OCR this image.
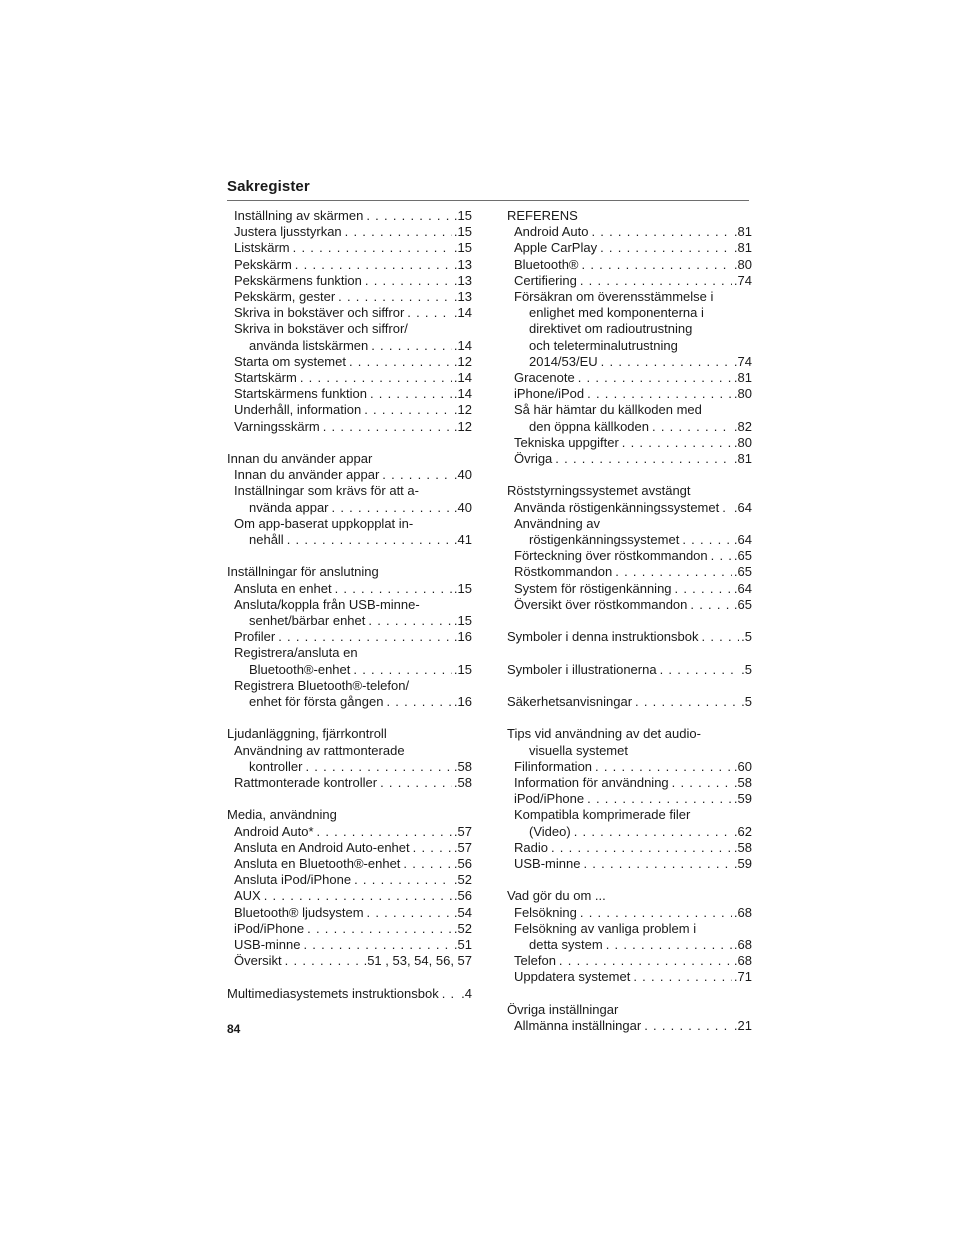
Sakregister
Inställning av skärmen . . .	.15
Justera ljusstyrkan . . .	.15
Listskärm . . .	.15
Pekskärm . . .	.13
Pekskärmens funktion . . .	.13
Pekskärm, gester . . .	.13
Skriva in bokstäver och siffror . . .	.14
Skriva in bokstäver och siffror/
använda listskärmen . . .	.14
Starta om systemet . . .	.12
Startskärm . . .	.14
Startskärmens funktion . . .	.14
Underhåll, information . . .	.12
Varningsskärm . . .	.12
Innan du använder appar
Innan du använder appar . . .	.40
Inställningar som krävs för att a-
nvända appar . . .	.40
Om app-baserat uppkopplat in-
nehåll . . .	.41
Inställningar för anslutning
Ansluta en enhet . . .	.15
Ansluta/koppla från USB-minne-
senhet/bärbar enhet . . .	.15
Profiler . . .	.16
Registrera/ansluta en
Bluetooth®-enhet . . .	.15
Registrera Bluetooth®-telefon/
enhet för första gången . . .	.16
Ljudanläggning, fjärrkontroll
Användning av rattmonterade
kontroller . . .	.58
Rattmonterade kontroller . . .	.58
Media, användning
Android Auto* . . .	.57
Ansluta en Android Auto-enhet . . .	.57
Ansluta en Bluetooth®-enhet . . .	.56
Ansluta iPod/iPhone . . .	.52
AUX . . .	.56
Bluetooth® ljudsystem . . .	.54
iPod/iPhone . . .	.52
USB-minne . . .	.51
Översikt . . .	.51 , 53, 54, 56, 57
Multimediasystemets instruktionsbok . . . .4
REFERENS
Android Auto . . .	.81
Apple CarPlay . . .	.81
Bluetooth® . . .	.80
Certifiering . . .	.74
Försäkran om överensstämmelse i
enlighet med komponenterna i
direktivet om radioutrustning
och teleterminalutrustning
2014/53/EU . . .	.74
Gracenote . . .	.81
iPhone/iPod . . .	.80
Så här hämtar du källkoden med
den öppna källkoden . . .	.82
Tekniska uppgifter . . .	.80
Övriga . . .	.81
Röststyrningssystemet avstängt
Använda röstigenkänningssystemet . . . .64
Användning av
röstigenkänningssystemet . . .	.64
Förteckning över röstkommandon . . . .65
Röstkommandon . . .	.65
System för röstigenkänning . . .	.64
Översikt över röstkommandon . . .	.65
Symboler i denna instruktionsbok . . .	.5
Symboler i illustrationerna . . .	.5
Säkerhetsanvisningar . . .	.5
Tips vid användning av det audio-
visuella systemet
Filinformation . . .	.60
Information för användning . . .	.58
iPod/iPhone . . .	.59
Kompatibla komprimerade filer
(Video) . . .	.62
Radio . . .	.58
USB-minne . . .	.59
Vad gör du om ...
Felsökning . . .	.68
Felsökning av vanliga problem i
detta system . . .	.68
Telefon . . .	.68
Uppdatera systemet . . .	.71
Övriga inställningar
Allmänna inställningar . . .	.21
84
